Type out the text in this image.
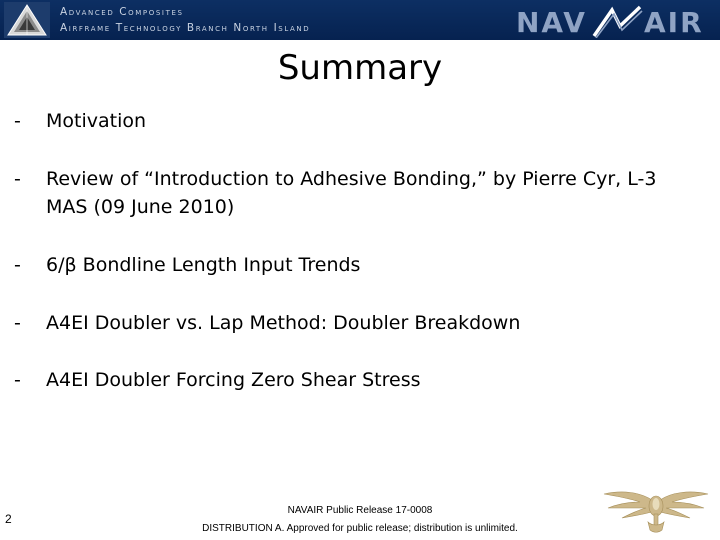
Advanced Composites
Airframe Technology Branch North Island	NAV AIR
Summary
- Motivation
- Review of “Introduction to Adhesive Bonding,” by Pierre Cyr, L-3 MAS (09 June 2010)
- 6/β Bondline Length Input Trends
- A4EI Doubler vs. Lap Method: Doubler Breakdown
- A4EI Doubler Forcing Zero Shear Stress
2
NAVAIR Public Release 17-0008
DISTRIBUTION A. Approved for public release; distribution is unlimited.
